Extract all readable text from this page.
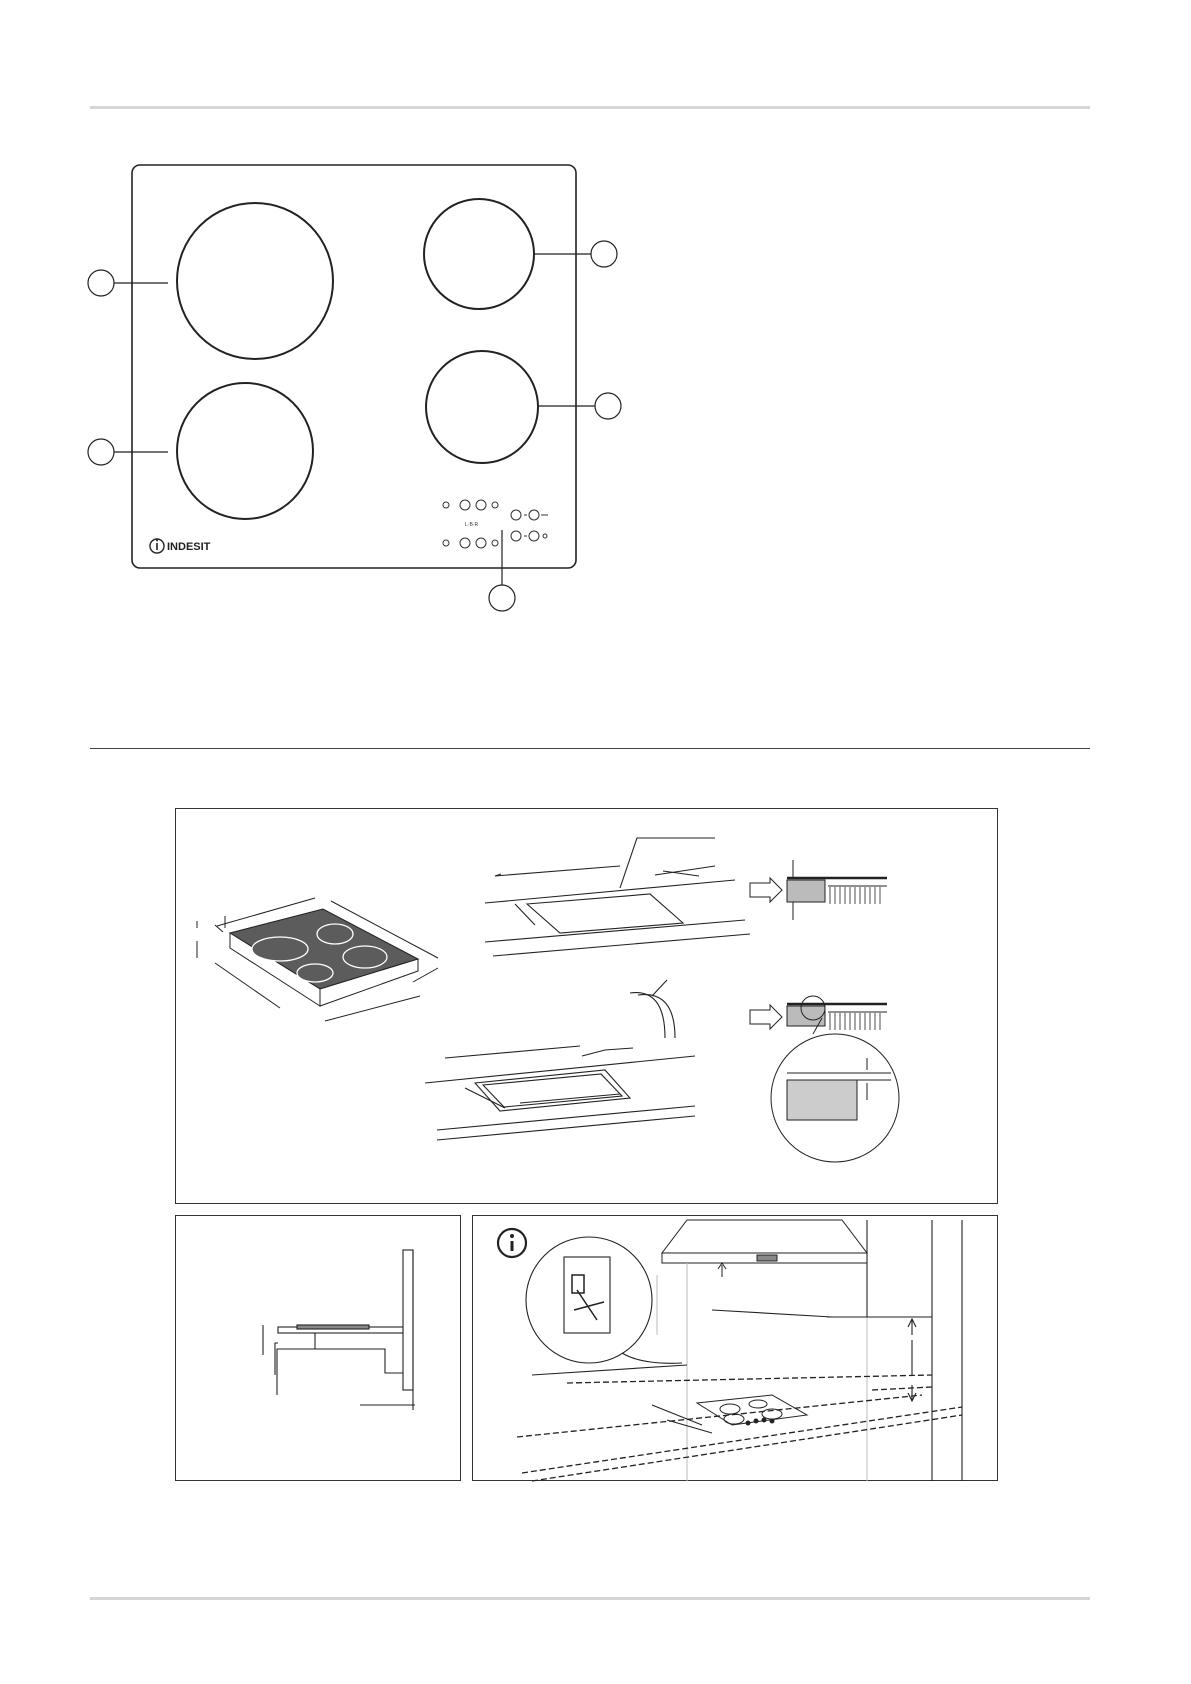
L·B·R
INDESIT
